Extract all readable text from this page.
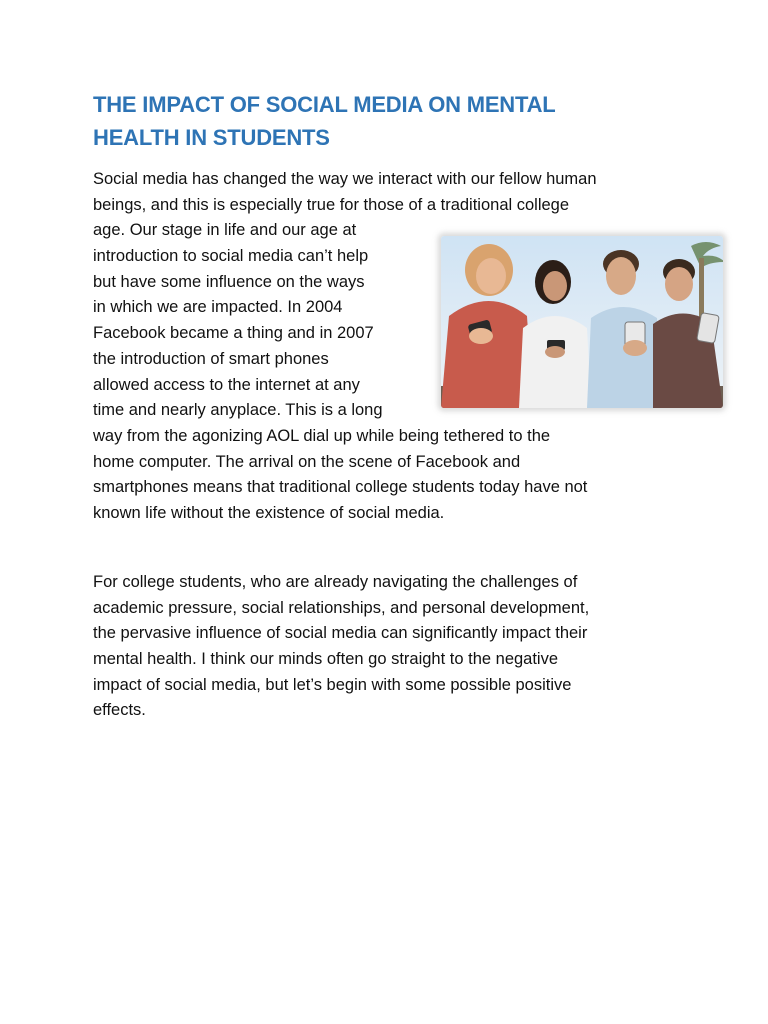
THE IMPACT OF SOCIAL MEDIA ON MENTAL
HEALTH IN STUDENTS
Social media has changed the way we interact with our fellow human
beings, and this is especially true for those of a traditional college
age. Our stage in life and our age at
introduction to social media can’t help
but have some influence on the ways
in which we are impacted. In 2004
Facebook became a thing and in 2007
the introduction of smart phones
allowed access to the internet at any
time and nearly anyplace. This is a long
way from the agonizing AOL dial up while being tethered to the
home computer. The arrival on the scene of Facebook and
smartphones means that traditional college students today have not
known life without the existence of social media.
For college students, who are already navigating the challenges of
academic pressure, social relationships, and personal development,
the pervasive influence of social media can significantly impact their
mental health. I think our minds often go straight to the negative
impact of social media, but let’s begin with some possible positive
effects.
